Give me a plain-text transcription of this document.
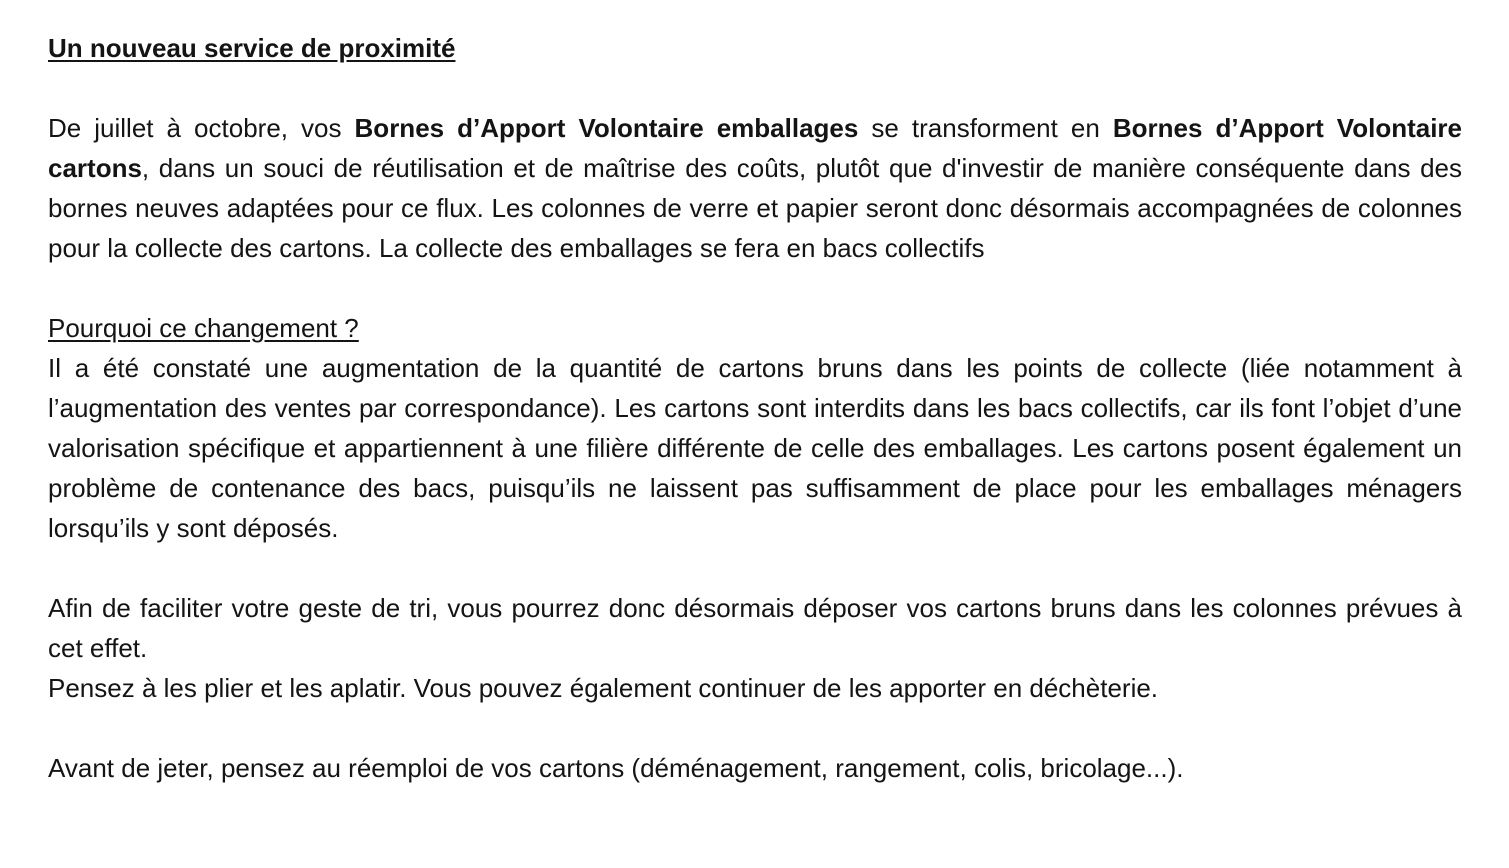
Un nouveau service de proximité

De juillet à octobre, vos Bornes d’Apport Volontaire emballages se transforment en Bornes d’Apport Volontaire cartons, dans un souci de réutilisation et de maîtrise des coûts, plutôt que d'investir de manière conséquente dans des bornes neuves adaptées pour ce flux. Les colonnes de verre et papier seront donc désormais accompagnées de colonnes pour la collecte des cartons. La collecte des emballages se fera en bacs collectifs

Pourquoi ce changement ?

Il a été constaté une augmentation de la quantité de cartons bruns dans les points de collecte (liée notamment à l’augmentation des ventes par correspondance). Les cartons sont interdits dans les bacs collectifs, car ils font l’objet d’une valorisation spécifique et appartiennent à une filière différente de celle des emballages. Les cartons posent également un problème de contenance des bacs, puisqu’ils ne laissent pas suffisamment de place pour les emballages ménagers lorsqu’ils y sont déposés.

Afin de faciliter votre geste de tri, vous pourrez donc désormais déposer vos cartons bruns dans les colonnes prévues à cet effet.

Pensez à les plier et les aplatir. Vous pouvez également continuer de les apporter en déchèterie.

Avant de jeter, pensez au réemploi de vos cartons (déménagement, rangement, colis, bricolage...).
